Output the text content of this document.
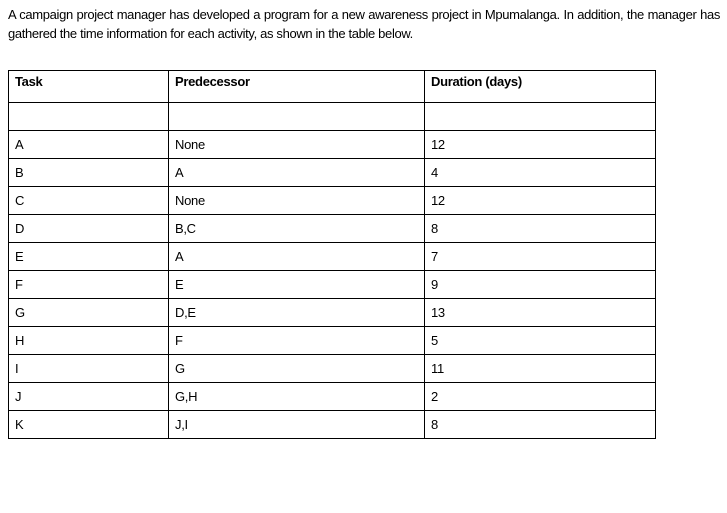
A campaign project manager has developed a program for a new awareness project in Mpumalanga. In addition, the manager has gathered the time information for each activity, as shown in the table below.

Task	Predecessor	Duration (days)

A	None	12
B	A	4
C	None	12
D	B,C	8
E	A	7
F	E	9
G	D,E	13
H	F	5
I	G	11
J	G,H	2
K	J,I	8
